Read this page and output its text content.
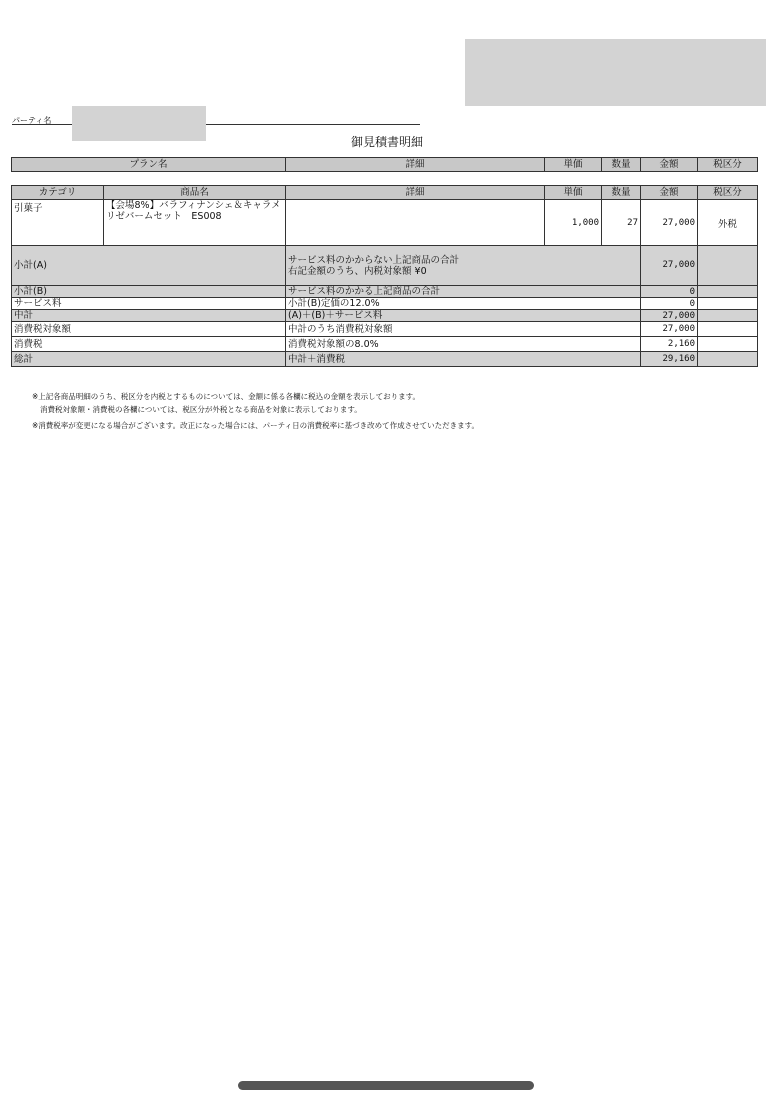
パーティ名
御見積書明細
プラン名	詳細	単価	数量	金額	税区分
カテゴリ	商品名	詳細	単価	数量	金額	税区分
引菓子	【会場8%】バラフィナンシェ＆キャラメリゼバームセット　ES008		1,000	27	27,000	外税
小計(A)	サービス料のかからない上記商品の合計
右記金額のうち、内税対象額 ¥0	27,000	
小計(B)	サービス料のかかる上記商品の合計	0	
サービス料	小計(B)定価の12.0%	0	
中計	(A)＋(B)＋サービス料	27,000	
消費税対象額	中計のうち消費税対象額	27,000	
消費税	消費税対象額の8.0%	2,160	
総計	中計＋消費税	29,160	
※上記各商品明細のうち、税区分を内税とするものについては、金額に係る各欄に税込の金額を表示しております。
消費税対象額・消費税の各欄については、税区分が外税となる商品を対象に表示しております。
※消費税率が変更になる場合がございます。改正になった場合には、パーティ日の消費税率に基づき改めて作成させていただきます。
